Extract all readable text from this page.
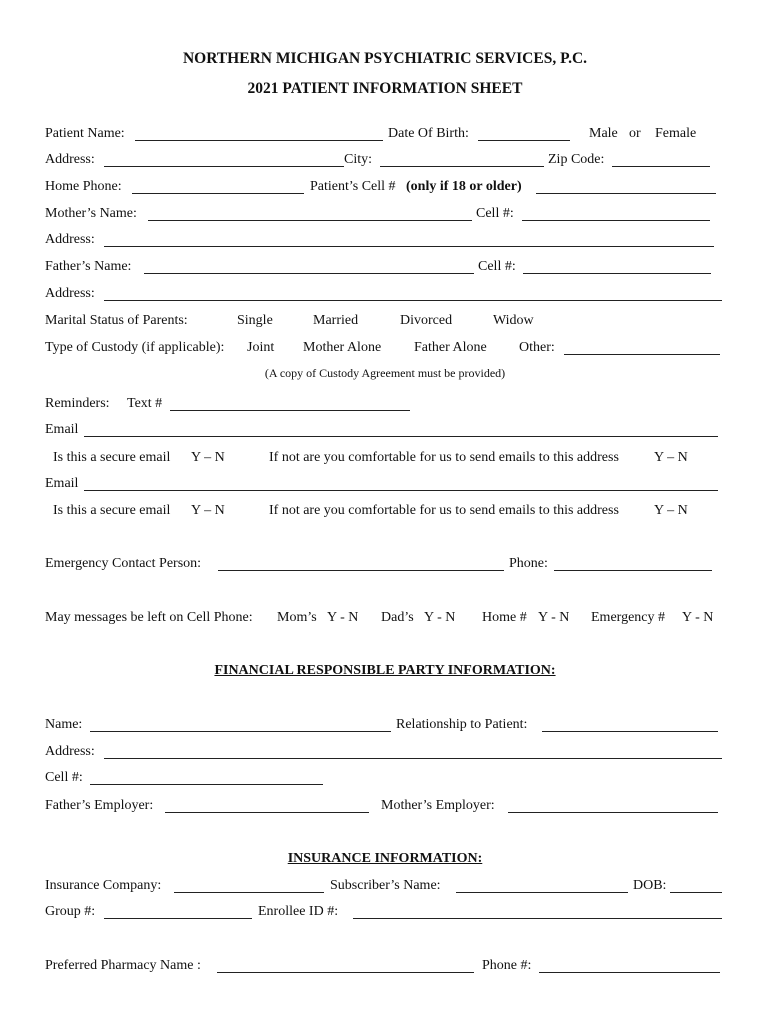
NORTHERN MICHIGAN PSYCHIATRIC SERVICES, P.C.
2021 PATIENT INFORMATION SHEET
Patient Name:	Date Of Birth:	Male or Female
Address:	City:	Zip Code:
Home Phone:	Patient’s Cell # (only if 18 or older)
Mother’s Name:	Cell #:
Address:
Father’s Name:	Cell #:
Address:
Marital Status of Parents:	Single	Married	Divorced	Widow
Type of Custody (if applicable): Joint Mother Alone Father Alone Other:
(A copy of Custody Agreement must be provided)
Reminders: Text #
Email
Is this a secure email Y – N	If not are you comfortable for us to send emails to this address	Y – N
Email
Is this a secure email Y – N	If not are you comfortable for us to send emails to this address	Y – N
Emergency Contact Person:	Phone:
May messages be left on Cell Phone: Mom’s Y - N Dad’s Y - N Home # Y - N Emergency # Y - N
FINANCIAL RESPONSIBLE PARTY INFORMATION:
Name:	Relationship to Patient:
Address:
Cell #:
Father’s Employer:	Mother’s Employer:
INSURANCE INFORMATION:
Insurance Company:	Subscriber’s Name:	DOB:
Group #:	Enrollee ID #:
Preferred Pharmacy Name :	Phone #:
